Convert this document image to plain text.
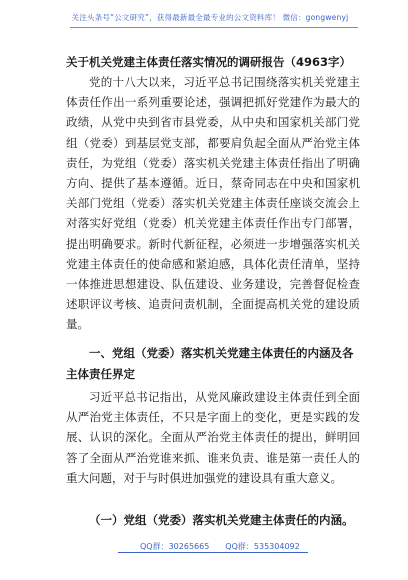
关注头条号“公文研究”，获得最新最全最专业的公文资料库！ 微信：gongwenyj
关于机关党建主体责任落实情况的调研报告（4963字）
党的十八大以来，习近平总书记围绕落实机关党建主体责任作出一系列重要论述，强调把抓好党建作为最大的政绩，从党中央到省市县党委，从中央和国家机关部门党组（党委）到基层党支部，都要肩负起全面从严治党主体责任，为党组（党委）落实机关党建主体责任指出了明确方向、提供了基本遵循。近日，蔡奇同志在中央和国家机关部门党组（党委）落实机关党建主体责任座谈交流会上对落实好党组（党委）机关党建主体责任作出专门部署，提出明确要求。新时代新征程，必须进一步增强落实机关党建主体责任的使命感和紧迫感，具体化责任清单，坚持一体推进思想建设、队伍建设、业务建设，完善督促检查述职评议考核、追责问责机制，全面提高机关党的建设质量。
一、党组（党委）落实机关党建主体责任的内涵及各主体责任界定
习近平总书记指出，从党风廉政建设主体责任到全面从严治党主体责任，不只是字面上的变化，更是实践的发展、认识的深化。全面从严治党主体责任的提出，鲜明回答了全面从严治党谁来抓、谁来负责、谁是第一责任人的重大问题，对于与时俱进加强党的建设具有重大意义。
（一）党组（党委）落实机关党建主体责任的内涵。
QQ群：30265665　　QQ群：535304092
